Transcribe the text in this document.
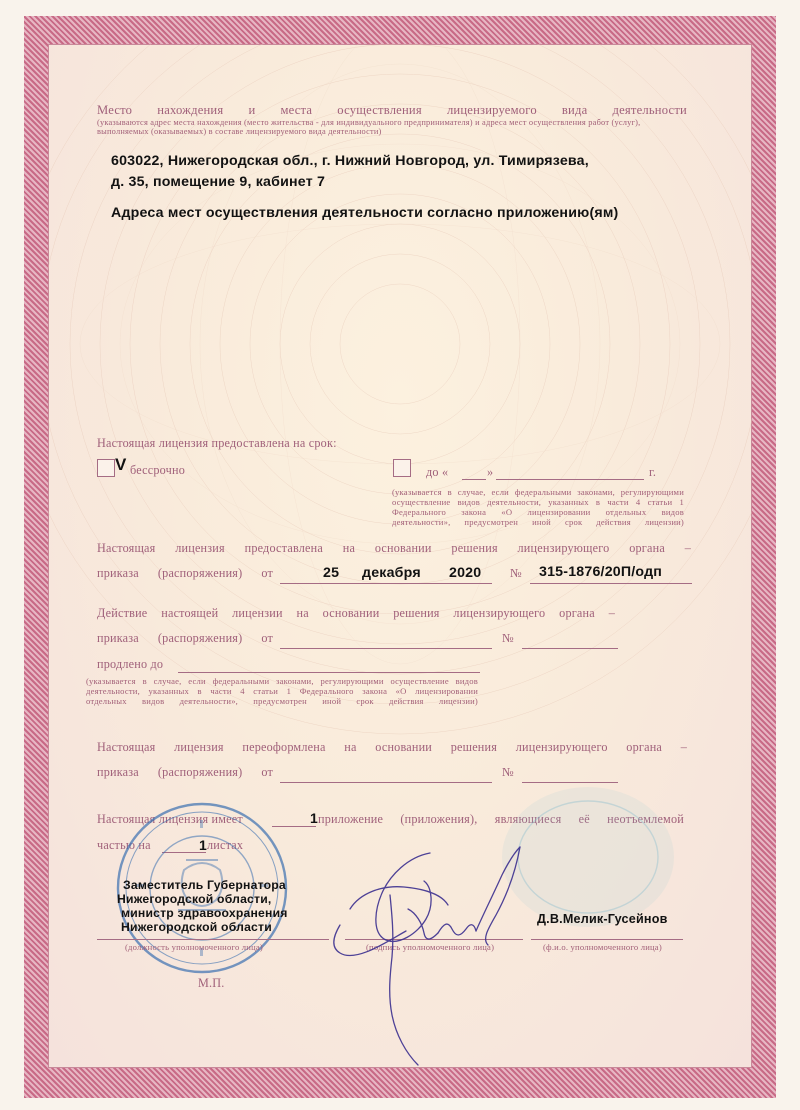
Место нахождения и места осуществления лицензируемого вида деятельности
(указываются адрес места нахождения (место жительства - для индивидуального предпринимателя) и адреса мест осуществления работ (услуг),
выполняемых (оказываемых) в составе лицензируемого вида деятельности)
603022, Нижегородская обл., г. Нижний Новгород, ул. Тимирязева,
д. 35, помещение 9, кабинет 7
Адреса мест осуществления деятельности согласно приложению(ям)
Настоящая лицензия предоставлена на срок:
V бессрочно	до «	»	г.
(указывается в случае, если федеральными законами, регулирующими
осуществление видов деятельности, указанных в части 4 статьи 1
Федерального закона «О лицензировании отдельных видов
деятельности», предусмотрен иной срок действия лицензии)
Настоящая лицензия предоставлена на основании решения лицензирующего органа –
приказа (распоряжения) от	25 декабря 2020 № 315-1876/20П/одп
Действие настоящей лицензии на основании решения лицензирующего органа –
приказа (распоряжения) от	№
продлено до
(указывается в случае, если федеральными законами, регулирующими осуществление видов
деятельности, указанных в части 4 статьи 1 Федерального закона «О лицензировании
отдельных видов деятельности», предусмотрен иной срок действия лицензии)
Настоящая лицензия переоформлена на основании решения лицензирующего органа –
приказа (распоряжения) от	№
Настоящая лицензия имеет	1 приложение (приложения), являющиеся её неотъемлемой
частью на	1 листах
Заместитель Губернатора
Нижегородской области,
министр здравоохранения
Нижегородской области
Д.В.Мелик-Гусейнов
(должность уполномоченного лица)	(подпись уполномоченного лица)	(ф.и.о. уполномоченного лица)
М.П.
